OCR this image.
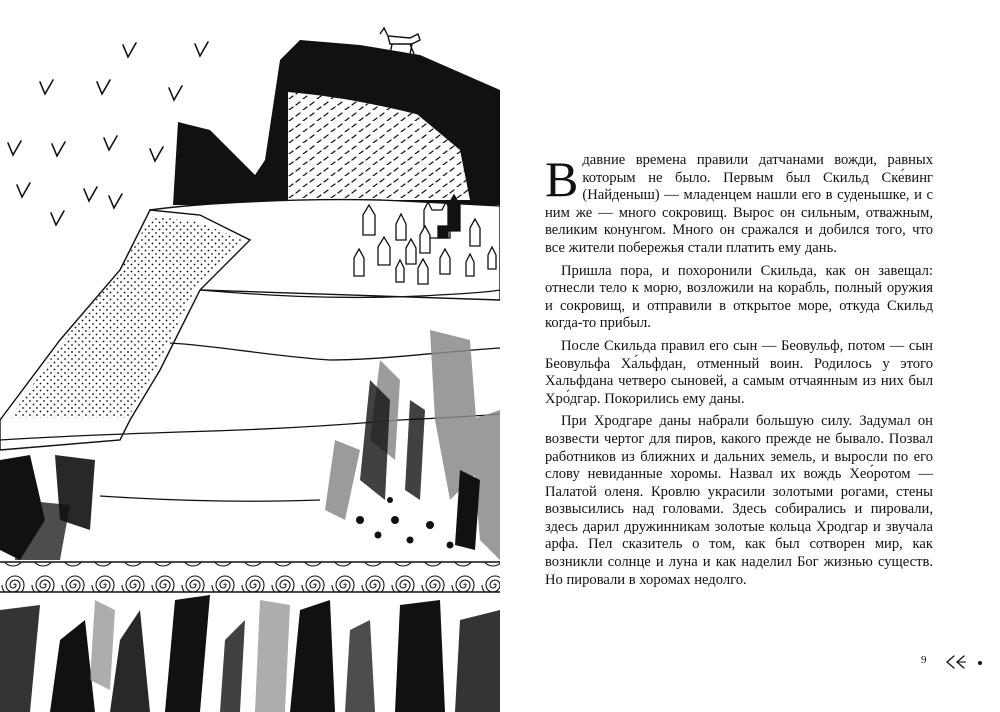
Вдавние времена правили датчанами вожди, равных которым не было. Первым был Скильд Ске́винг (Найденыш) — младенцем нашли его в суденышке, и с ним же — много сокровищ. Вырос он сильным, отважным, великим конунгом. Много он сражался и добился того, что все жители побережья стали платить ему дань.

Пришла пора, и похоронили Скильда, как он завещал: отнесли тело к морю, возложили на корабль, полный оружия и сокровищ, и отправили в открытое море, откуда Скильд когда-то прибыл.

После Скильда правил его сын — Беовульф, потом — сын Беовульфа Ха́льфдан, отменный воин. Родилось у этого Хальфдана четверо сыновей, а самым отчаянным из них был Хро́дгар. Покорились ему даны.

При Хродгаре даны набрали большую силу. Задумал он возвести чертог для пиров, какого прежде не бывало. Позвал работников из ближних и дальних земель, и выросли по его слову невиданные хоромы. Назвал их вождь Хео́ротом — Палатой оленя. Кровлю украсили золотыми рогами, стены возвысились над головами. Здесь собирались и пировали, здесь дарил дружинникам золотые кольца Хродгар и звучала арфа. Пел сказитель о том, как был сотворен мир, как возникли солнце и луна и как наделил Бог жизнью существ. Но пировали в хоромах недолго.

9
